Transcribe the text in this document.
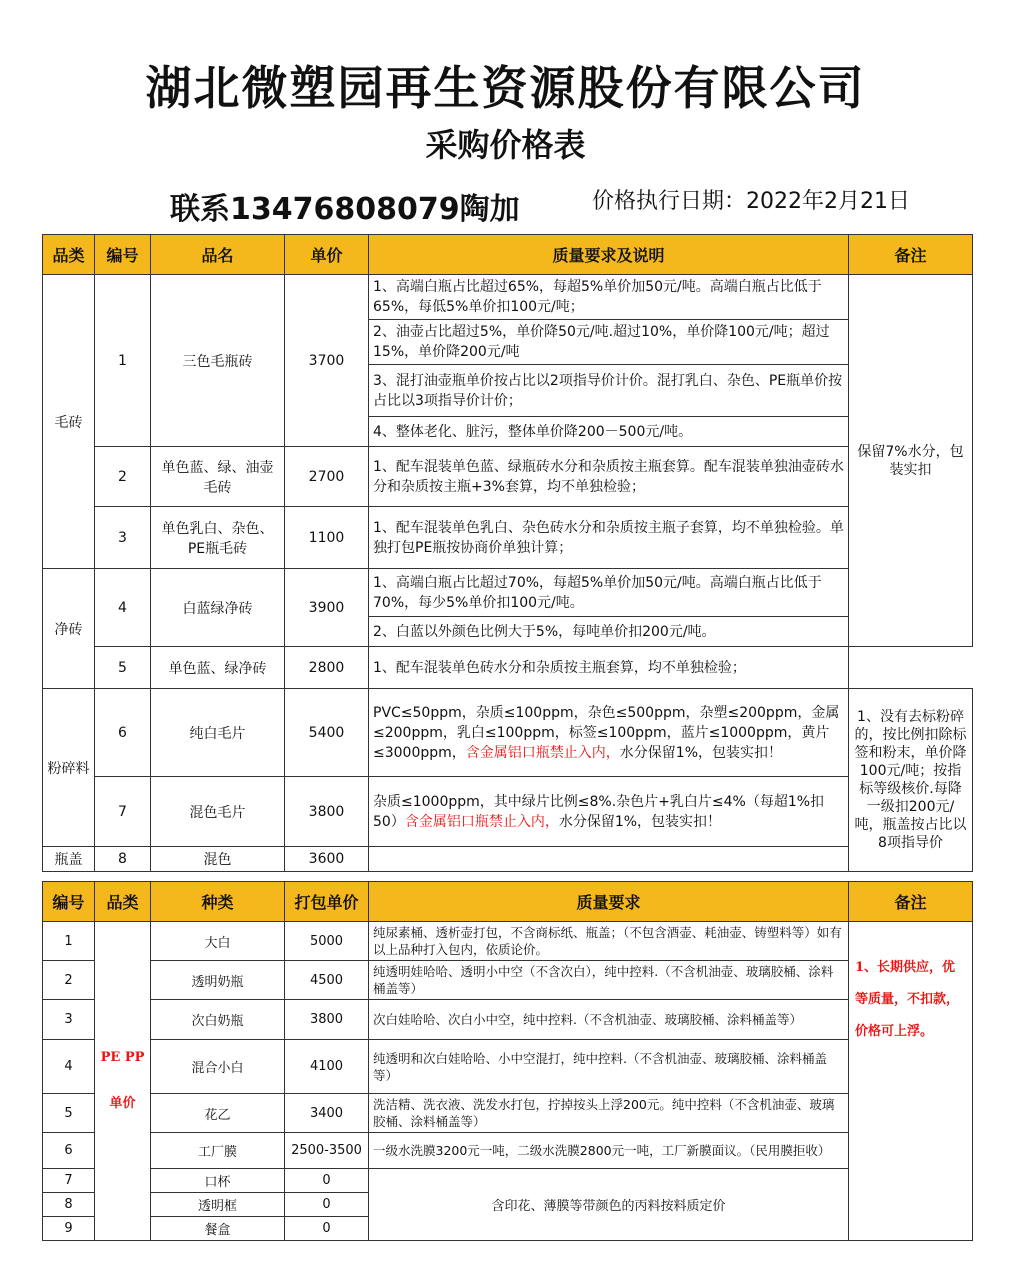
湖北微塑园再生资源股份有限公司
采购价格表
联系13476808079陶加	价格执行日期：2022年2月21日
品类	编号	品名	单价	质量要求及说明	备注
毛砖	1	三色毛瓶砖	3700	1、高端白瓶占比超过65%，每超5%单价加50元/吨。高端白瓶占比低于65%，每低5%单价扣100元/吨；	保留7%水分，包装实扣
				2、油壶占比超过5%，单价降50元/吨.超过10%，单价降100元/吨；超过15%，单价降200元/吨	
				3、混打油壶瓶单价按占比以2项指导价计价。混打乳白、杂色、PE瓶单价按占比以3项指导价计价；	
				4、整体老化、脏污，整体单价降200－500元/吨。	
	2	单色蓝、绿、油壶毛砖	2700	1、配车混装单色蓝、绿瓶砖水分和杂质按主瓶套算。配车混装单独油壶砖水分和杂质按主瓶+3%套算，均不单独检验；	
	3	单色乳白、杂色、PE瓶毛砖	1100	1、配车混装单色乳白、杂色砖水分和杂质按主瓶子套算，均不单独检验。单独打包PE瓶按协商价单独计算；	
净砖	4	白蓝绿净砖	3900	1、高端白瓶占比超过70%，每超5%单价加50元/吨。高端白瓶占比低于70%，每少5%单价扣100元/吨。	
				2、白蓝以外颜色比例大于5%，每吨单价扣200元/吨。	
	5	单色蓝、绿净砖	2800	1、配车混装单色砖水分和杂质按主瓶套算，均不单独检验；	
粉碎料	6	纯白毛片	5400	PVC≤50ppm，杂质≤100ppm，杂色≤500ppm，杂塑≤200ppm，金属≤200ppm，乳白≤100ppm，标签≤100ppm，蓝片≤1000ppm，黄片≤3000ppm，含金属铝口瓶禁止入内，水分保留1%，包装实扣！	1、没有去标粉碎的，按比例扣除标签和粉末，单价降100元/吨；按指标等级核价.每降一级扣200元/吨，瓶盖按占比以8项指导价
	7	混色毛片	3800	杂质≤1000ppm，其中绿片比例≤8%.杂色片+乳白片≤4%（每超1%扣50）含金属铝口瓶禁止入内，水分保留1%，包装实扣！	
瓶盖	8	混色	3600		
编号	品类	种类	打包单价	质量要求	备注
1	PE PP单价	大白	5000	纯尿素桶、透析壶打包，不含商标纸、瓶盖；（不包含酒壶、耗油壶、铸塑料等）如有以上品种打入包内，依质论价。	1、长期供应，优等质量，不扣款，价格可上浮。
2		透明奶瓶	4500	纯透明娃哈哈、透明小中空（不含次白），纯中控料.（不含机油壶、玻璃胶桶、涂料桶盖等）	
3		次白奶瓶	3800	次白娃哈哈、次白小中空，纯中控料.（不含机油壶、玻璃胶桶、涂料桶盖等）	
4		混合小白	4100	纯透明和次白娃哈哈、小中空混打，纯中控料.（不含机油壶、玻璃胶桶、涂料桶盖等）	
5		花乙	3400	洗洁精、洗衣液、洗发水打包，拧掉按头上浮200元。纯中控料（不含机油壶、玻璃胶桶、涂料桶盖等）	
6		工厂膜	2500-3500	一级水洗膜3200元一吨，二级水洗膜2800元一吨，工厂新膜面议。（民用膜拒收）	
7		口杯	0	含印花、薄膜等带颜色的丙料按料质定价	
8		透明框	0		
9		餐盒	0		
